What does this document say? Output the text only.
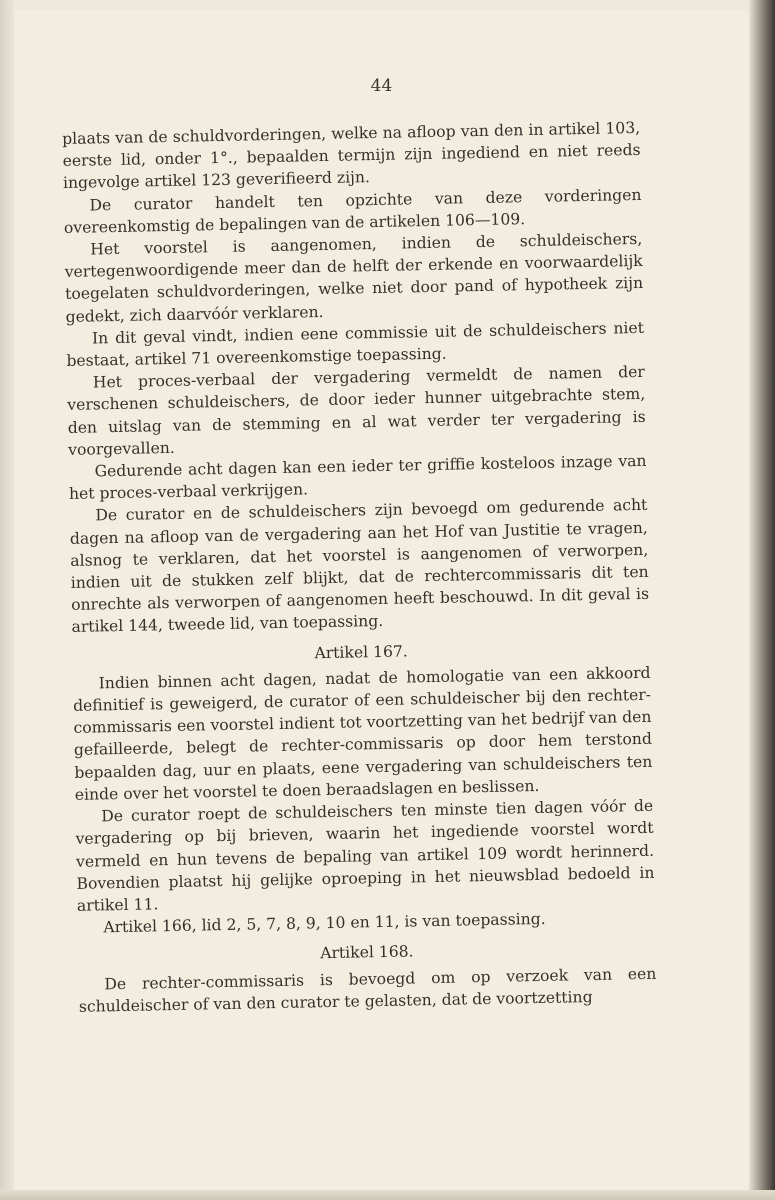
44

plaats van de schuldvorderingen, welke na afloop van den in artikel 103, eerste lid, onder 1°., bepaalden termijn zijn ingediend en niet reeds ingevolge artikel 123 geverifieerd zijn.

De curator handelt ten opzichte van deze vorderingen overeenkomstig de bepalingen van de artikelen 106—109.

Het voorstel is aangenomen, indien de schuldeischers, vertegenwoordigende meer dan de helft der erkende en voorwaardelijk toegelaten schuldvorderingen, welke niet door pand of hypotheek zijn gedekt, zich daarvóór verklaren.

In dit geval vindt, indien eene commissie uit de schuldeischers niet bestaat, artikel 71 overeenkomstige toepassing.

Het proces-verbaal der vergadering vermeldt de namen der verschenen schuldeischers, de door ieder hunner uitgebrachte stem, den uitslag van de stemming en al wat verder ter vergadering is voorgevallen.

Gedurende acht dagen kan een ieder ter griffie kosteloos inzage van het proces-verbaal verkrijgen.

De curator en de schuldeischers zijn bevoegd om gedurende acht dagen na afloop van de vergadering aan het Hof van Justitie te vragen, alsnog te verklaren, dat het voorstel is aangenomen of verworpen, indien uit de stukken zelf blijkt, dat de rechtercommissaris dit ten onrechte als verworpen of aangenomen heeft beschouwd. In dit geval is artikel 144, tweede lid, van toepassing.

Artikel 167.

Indien binnen acht dagen, nadat de homologatie van een akkoord definitief is geweigerd, de curator of een schuldeischer bij den rechter-commissaris een voorstel indient tot voortzetting van het bedrijf van den gefailleerde, belegt de rechter-commissaris op door hem terstond bepaalden dag, uur en plaats, eene vergadering van schuldeischers ten einde over het voorstel te doen beraadslagen en beslissen.

De curator roept de schuldeischers ten minste tien dagen vóór de vergadering op bij brieven, waarin het ingediende voorstel wordt vermeld en hun tevens de bepaling van artikel 109 wordt herinnerd. Bovendien plaatst hij gelijke oproeping in het nieuwsblad bedoeld in artikel 11.

Artikel 166, lid 2, 5, 7, 8, 9, 10 en 11, is van toepassing.

Artikel 168.

De rechter-commissaris is bevoegd om op verzoek van een schuldeischer of van den curator te gelasten, dat de voortzetting
